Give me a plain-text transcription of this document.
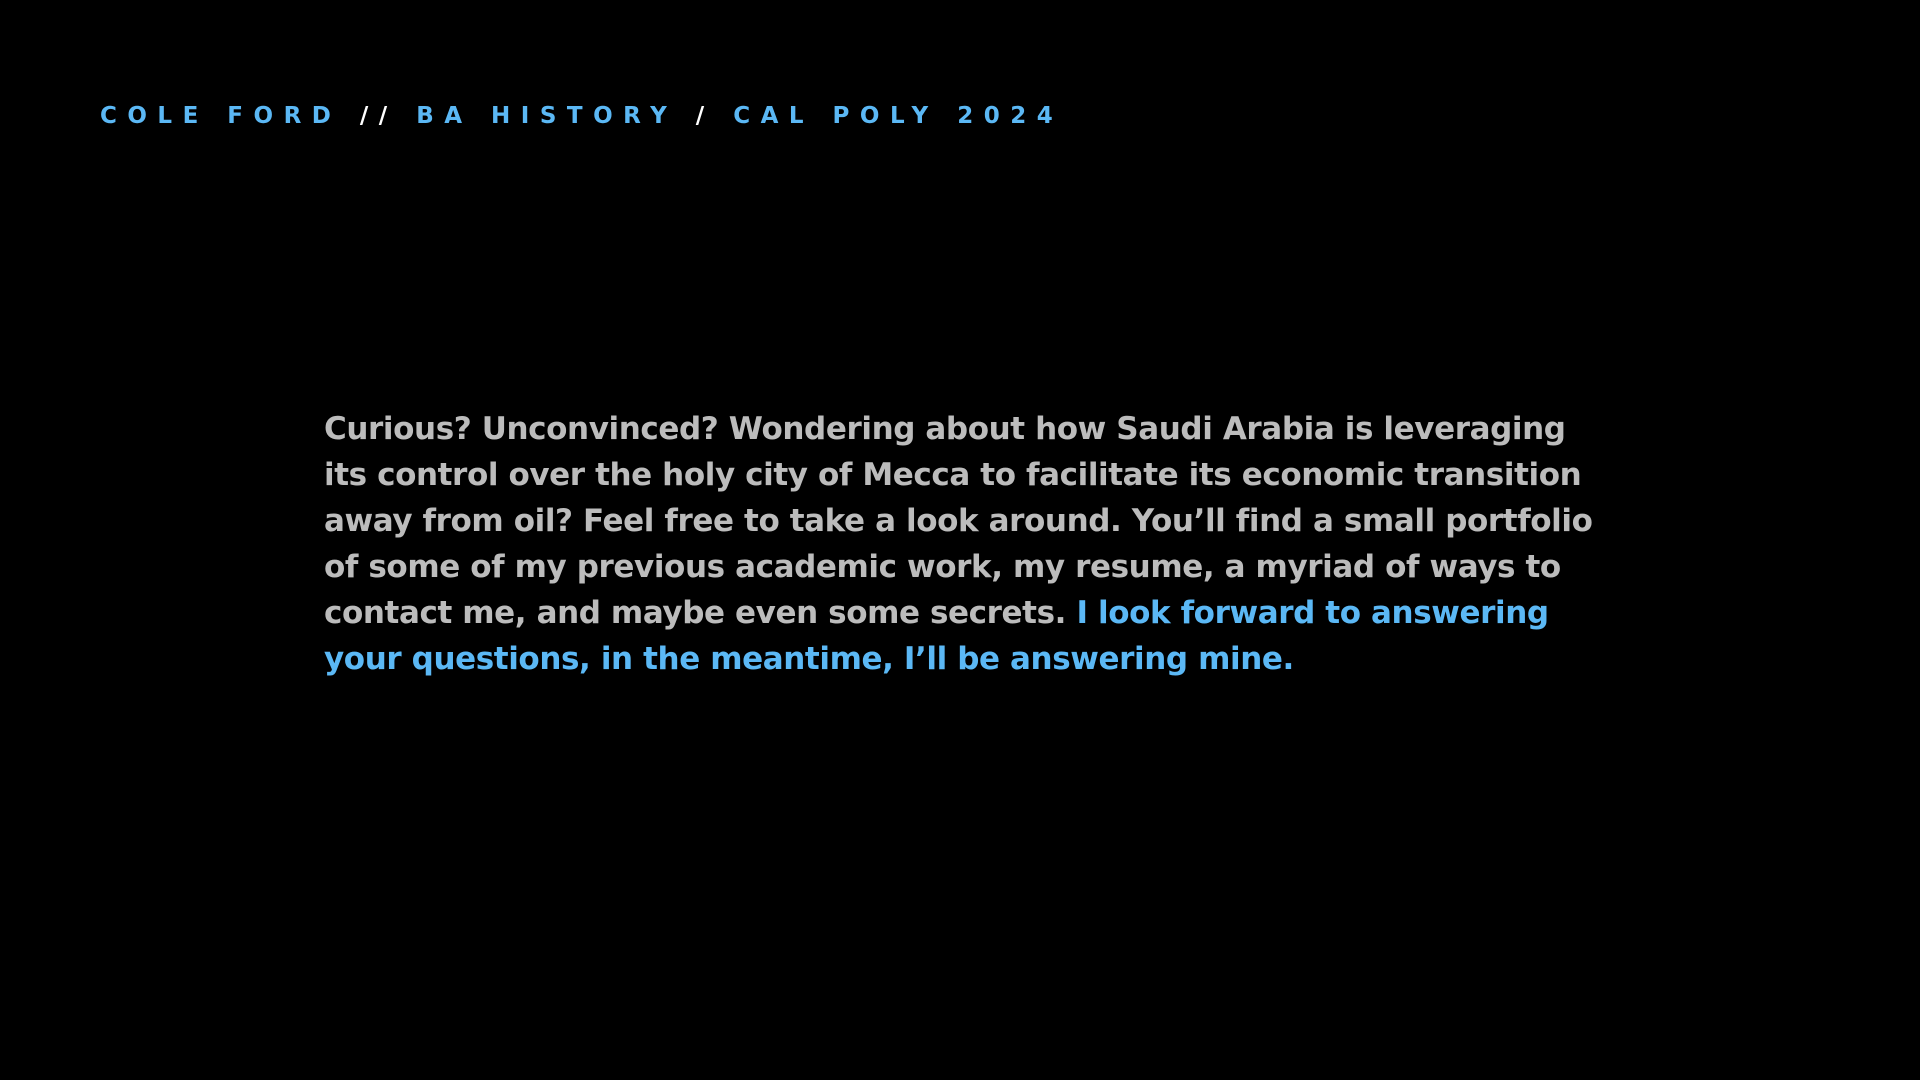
COLE FORD // BA HISTORY / CAL POLY 2024

Curious? Unconvinced? Wondering about how Saudi Arabia is leveraging its control over the holy city of Mecca to facilitate its economic transition away from oil? Feel free to take a look around. You’ll find a small portfolio of some of my previous academic work, my resume, a myriad of ways to contact me, and maybe even some secrets. I look forward to answering your questions, in the meantime, I’ll be answering mine.
